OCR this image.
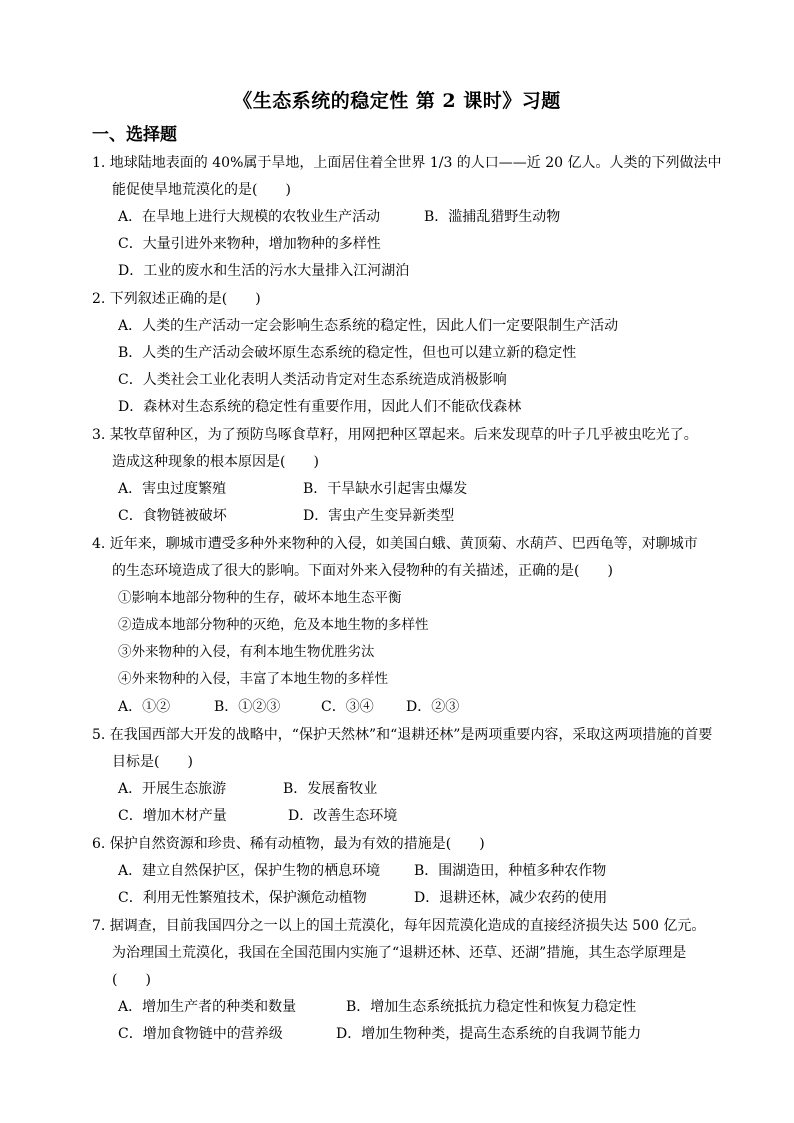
《生态系统的稳定性 第 2 课时》习题
一、选择题
1. 地球陆地表面的 40%属于旱地，上面居住着全世界 1/3 的人口——近 20 亿人。人类的下列做法中
能促使旱地荒漠化的是(　　)
A．在旱地上进行大规模的农牧业生产活动	B．滥捕乱猎野生动物
C．大量引进外来物种，增加物种的多样性
D．工业的废水和生活的污水大量排入江河湖泊
2. 下列叙述正确的是(　　)
A．人类的生产活动一定会影响生态系统的稳定性，因此人们一定要限制生产活动
B．人类的生产活动会破坏原生态系统的稳定性，但也可以建立新的稳定性
C．人类社会工业化表明人类活动肯定对生态系统造成消极影响
D．森林对生态系统的稳定性有重要作用，因此人们不能砍伐森林
3. 某牧草留种区，为了预防鸟啄食草籽，用网把种区罩起来。后来发现草的叶子几乎被虫吃光了。
造成这种现象的根本原因是(　　)
A．害虫过度繁殖	B．干旱缺水引起害虫爆发
C．食物链被破坏	D．害虫产生变异新类型
4. 近年来，聊城市遭受多种外来物种的入侵，如美国白蛾、黄顶菊、水葫芦、巴西龟等，对聊城市
的生态环境造成了很大的影响。下面对外来入侵物种的有关描述，正确的是(　　)
①影响本地部分物种的生存，破坏本地生态平衡
②造成本地部分物种的灭绝，危及本地生物的多样性
③外来物种的入侵，有利本地生物优胜劣汰
④外来物种的入侵，丰富了本地生物的多样性
A．①②	B．①②③	C．③④ D．②③
5. 在我国西部大开发的战略中，“保护天然林”和“退耕还林”是两项重要内容，采取这两项措施的首要
目标是(　　)
A．开展生态旅游	B．发展畜牧业
C．增加木材产量	D．改善生态环境
6. 保护自然资源和珍贵、稀有动植物，最为有效的措施是(　　)
A．建立自然保护区，保护生物的栖息环境 B．围湖造田，种植多种农作物
C．利用无性繁殖技术，保护濒危动植物	D．退耕还林，减少农药的使用
7. 据调查，目前我国四分之一以上的国土荒漠化，每年因荒漠化造成的直接经济损失达 500 亿元。
为治理国土荒漠化，我国在全国范围内实施了“退耕还林、还草、还湖”措施，其生态学原理是
(　　)
A．增加生产者的种类和数量	B．增加生态系统抵抗力稳定性和恢复力稳定性
C．增加食物链中的营养级	D．增加生物种类，提高生态系统的自我调节能力
